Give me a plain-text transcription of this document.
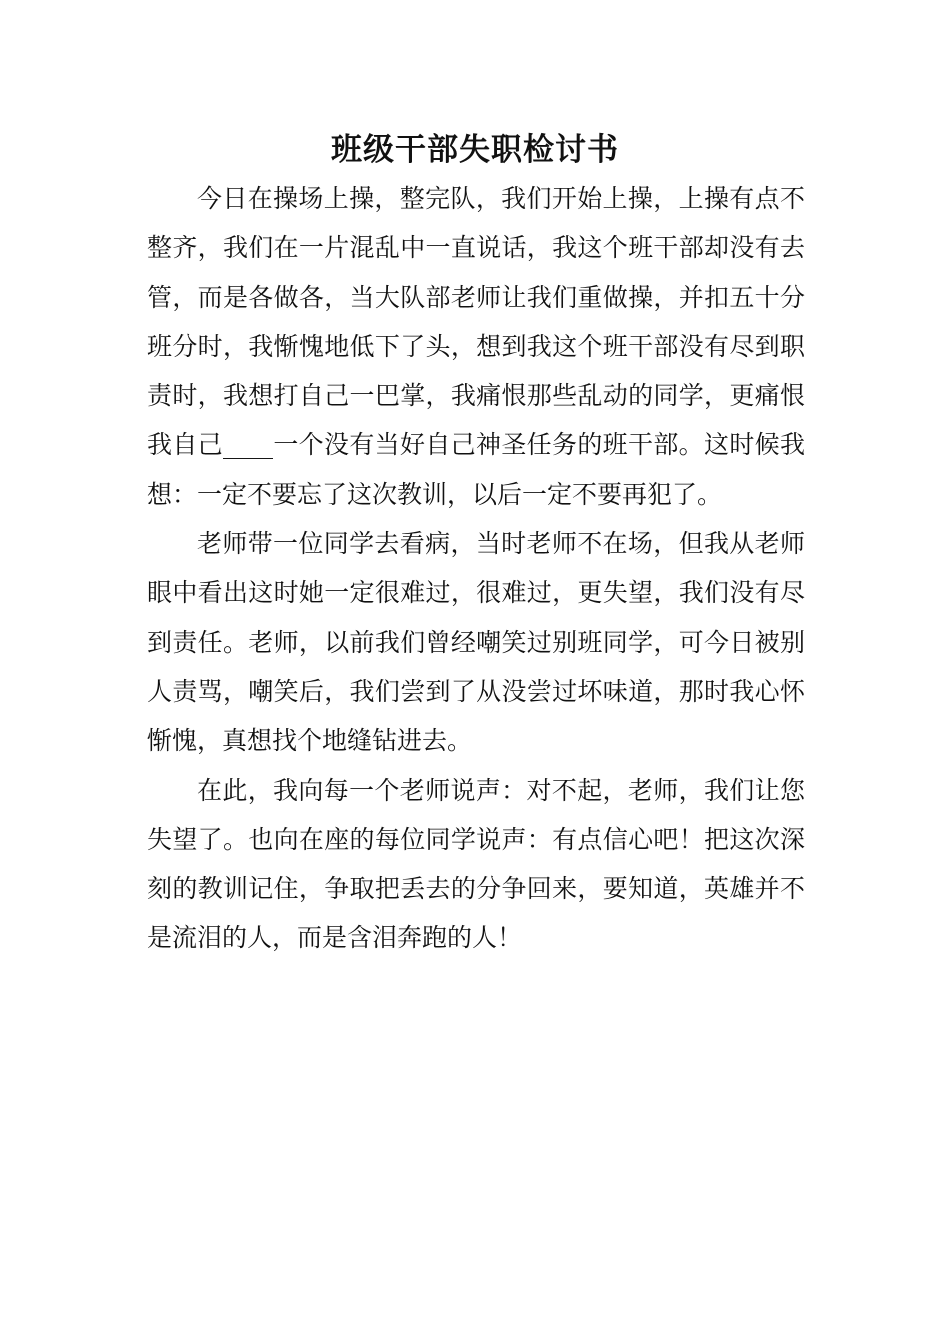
班级干部失职检讨书

今日在操场上操，整完队，我们开始上操，上操有点不整齐，我们在一片混乱中一直说话，我这个班干部却没有去管，而是各做各，当大队部老师让我们重做操，并扣五十分班分时，我惭愧地低下了头，想到我这个班干部没有尽到职责时，我想打自己一巴掌，我痛恨那些乱动的同学，更痛恨我自己____一个没有当好自己神圣任务的班干部。这时候我想：一定不要忘了这次教训，以后一定不要再犯了。

老师带一位同学去看病，当时老师不在场，但我从老师眼中看出这时她一定很难过，很难过，更失望，我们没有尽到责任。老师，以前我们曾经嘲笑过别班同学，可今日被别人责骂，嘲笑后，我们尝到了从没尝过坏味道，那时我心怀惭愧，真想找个地缝钻进去。

在此，我向每一个老师说声：对不起，老师，我们让您失望了。也向在座的每位同学说声：有点信心吧！把这次深刻的教训记住，争取把丢去的分争回来，要知道，英雄并不是流泪的人，而是含泪奔跑的人！
